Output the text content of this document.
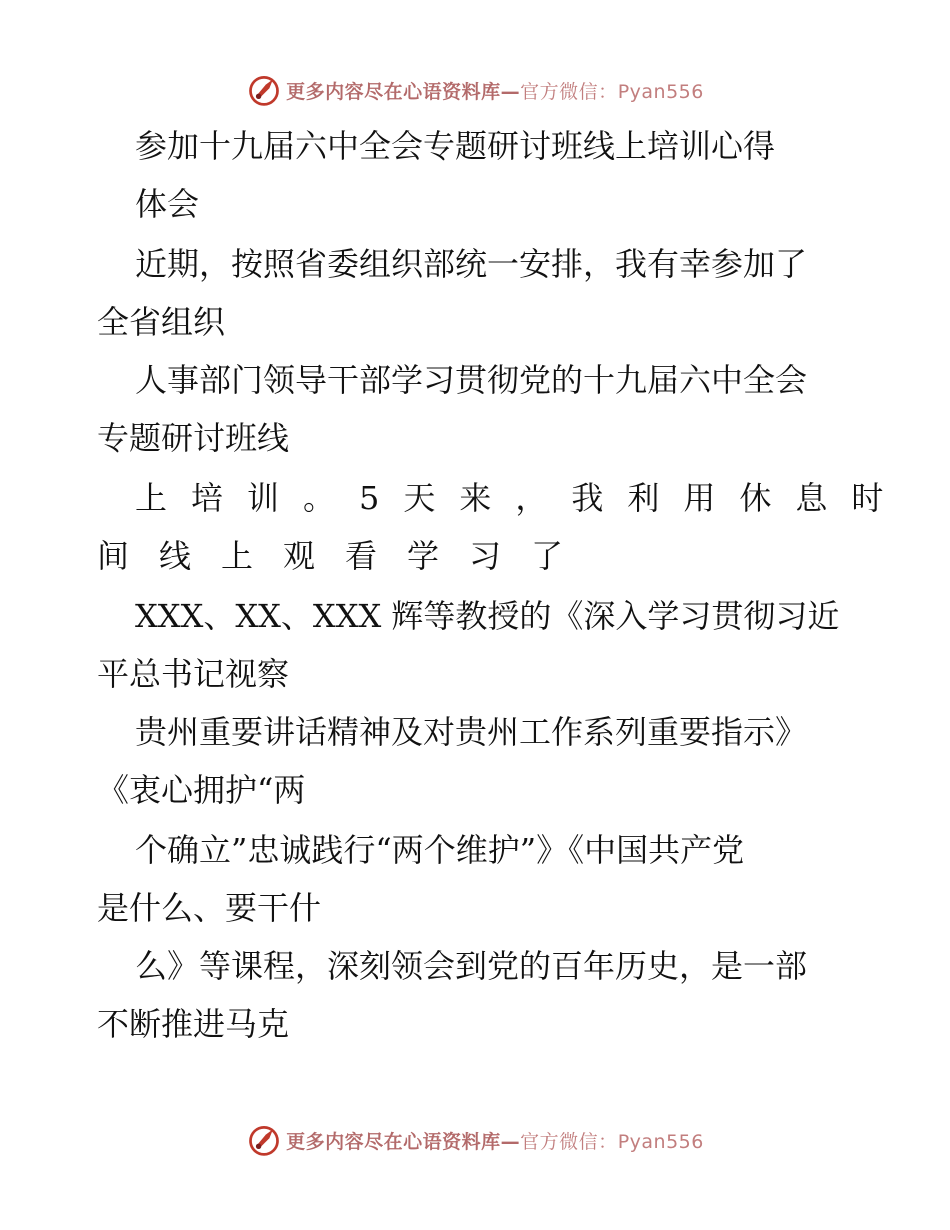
更多内容尽在心语资料库—官方微信：Pyan556
参加十九届六中全会专题研讨班线上培训心得
体会
近期，按照省委组织部统一安排，我有幸参加了
全省组织
人事部门领导干部学习贯彻党的十九届六中全会
专题研讨班线
上培训。5天来，我利用休息时
间线上观看学习了
XXX、XX、XXX 辉等教授的《深入学习贯彻习近
平总书记视察
贵州重要讲话精神及对贵州工作系列重要指示》
《衷心拥护“两
个确立”忠诚践行“两个维护”》《中国共产党
是什么、要干什
么》等课程，深刻领会到党的百年历史，是一部
不断推进马克
更多内容尽在心语资料库—官方微信：Pyan556
